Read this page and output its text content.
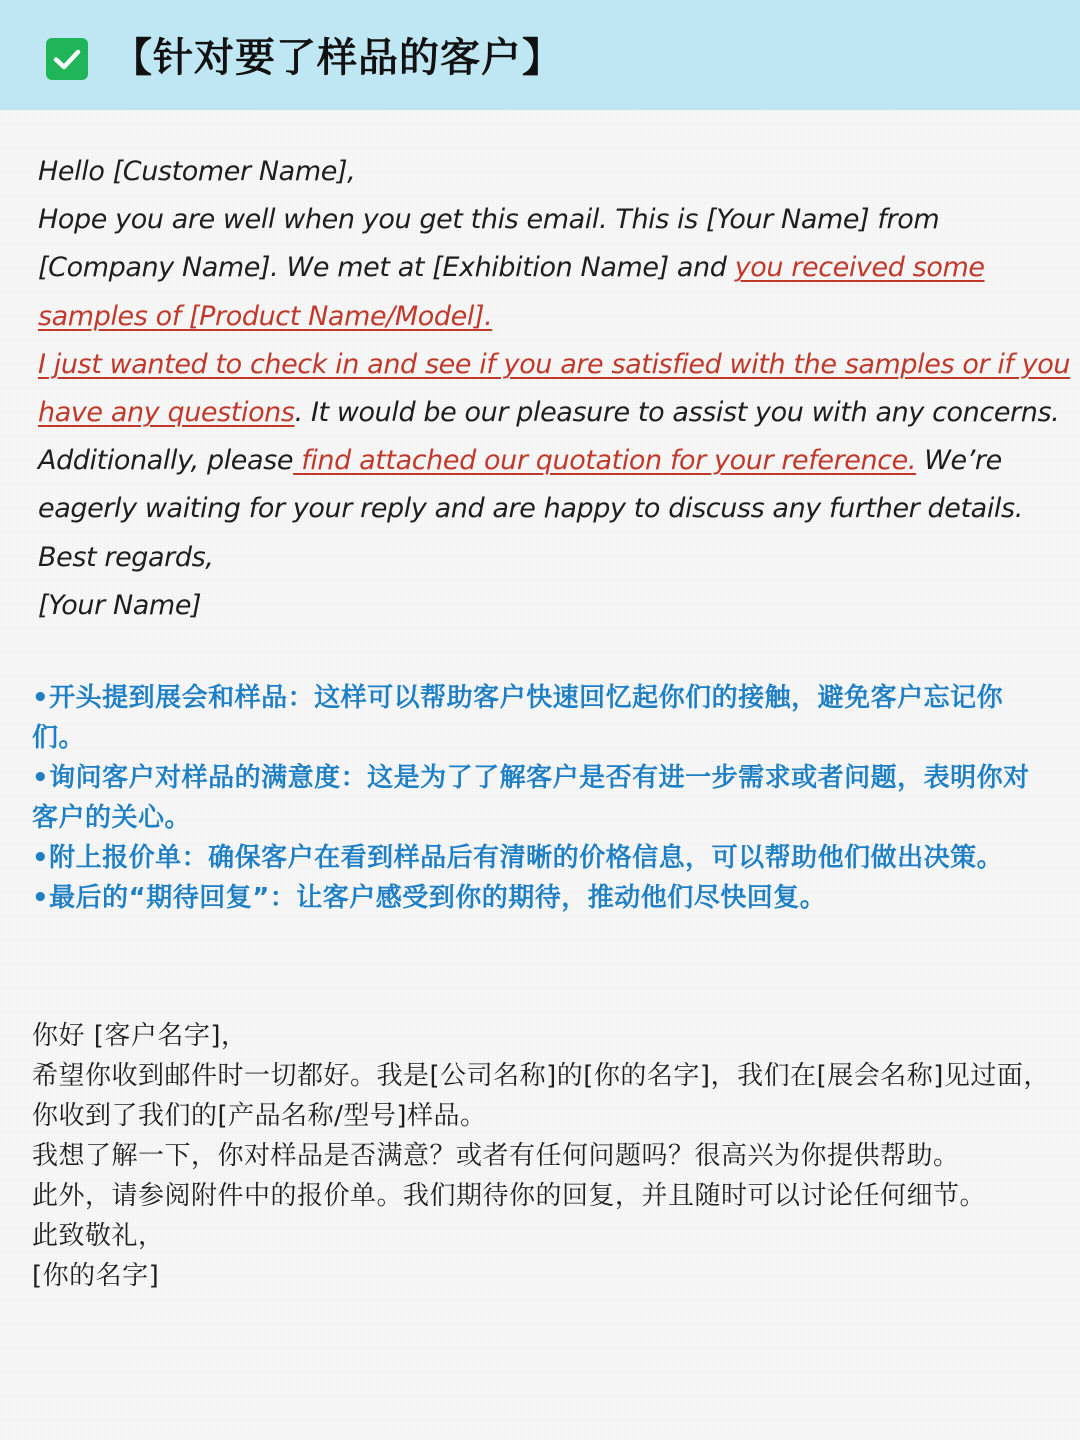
【针对要了样品的客户】

Hello [Customer Name],

Hope you are well when you get this email. This is [Your Name] from [Company Name]. We met at [Exhibition Name] and you received some samples of [Product Name/Model].

I just wanted to check in and see if you are satisfied with the samples or if you have any questions. It would be our pleasure to assist you with any concerns.

Additionally, please find attached our quotation for your reference. We’re eagerly waiting for your reply and are happy to discuss any further details.

Best regards,

[Your Name]

•开头提到展会和样品：这样可以帮助客户快速回忆起你们的接触，避免客户忘记你们。

•询问客户对样品的满意度：这是为了了解客户是否有进一步需求或者问题，表明你对客户的关心。

•附上报价单：确保客户在看到样品后有清晰的价格信息，可以帮助他们做出决策。

•最后的“期待回复”：让客户感受到你的期待，推动他们尽快回复。

你好 [客户名字]，

希望你收到邮件时一切都好。我是[公司名称]的[你的名字]，我们在[展会名称]见过面，你收到了我们的[产品名称/型号]样品。

我想了解一下，你对样品是否满意？或者有任何问题吗？很高兴为你提供帮助。

此外，请参阅附件中的报价单。我们期待你的回复，并且随时可以讨论任何细节。

此致敬礼，

[你的名字]
